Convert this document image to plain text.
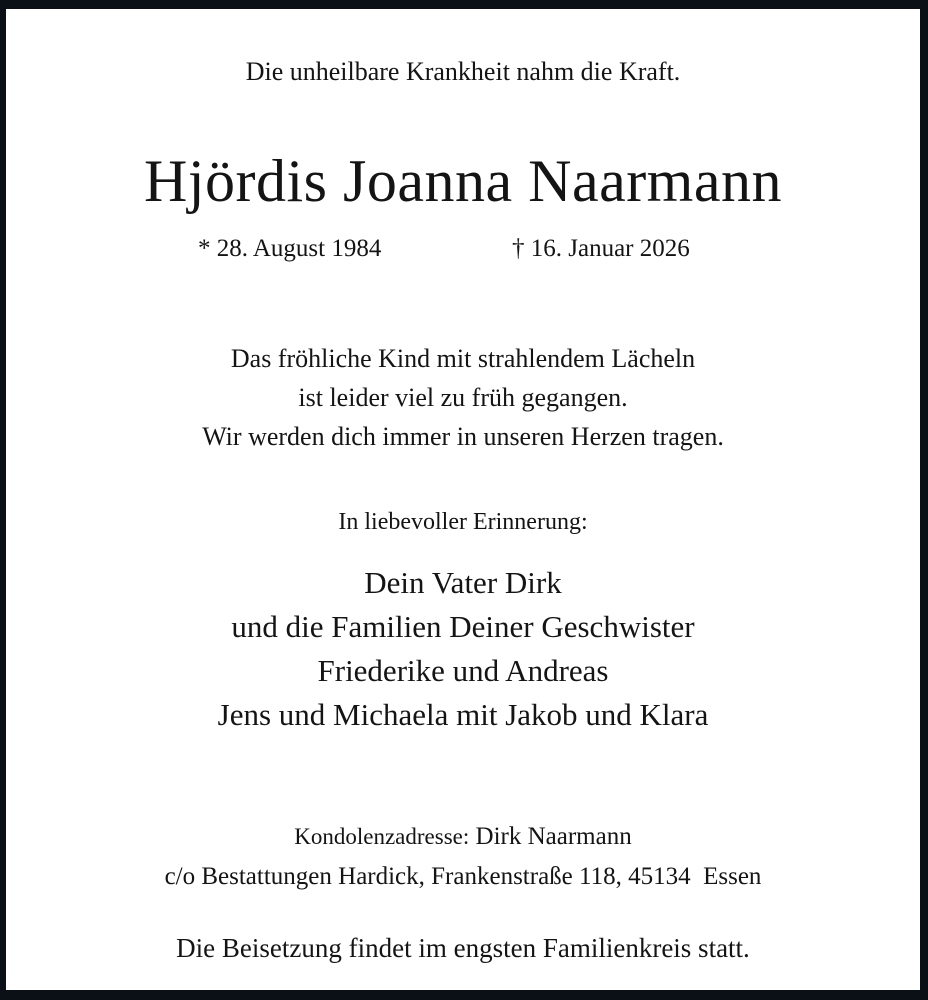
Die unheilbare Krankheit nahm die Kraft.
Hjördis Joanna Naarmann
* 28. August 1984	† 16. Januar 2026
Das fröhliche Kind mit strahlendem Lächeln
ist leider viel zu früh gegangen.
Wir werden dich immer in unseren Herzen tragen.
In liebevoller Erinnerung:
Dein Vater Dirk
und die Familien Deiner Geschwister
Friederike und Andreas
Jens und Michaela mit Jakob und Klara
Kondolenzadresse: Dirk Naarmann
c/o Bestattungen Hardick, Frankenstraße 118, 45134  Essen
Die Beisetzung findet im engsten Familienkreis statt.
